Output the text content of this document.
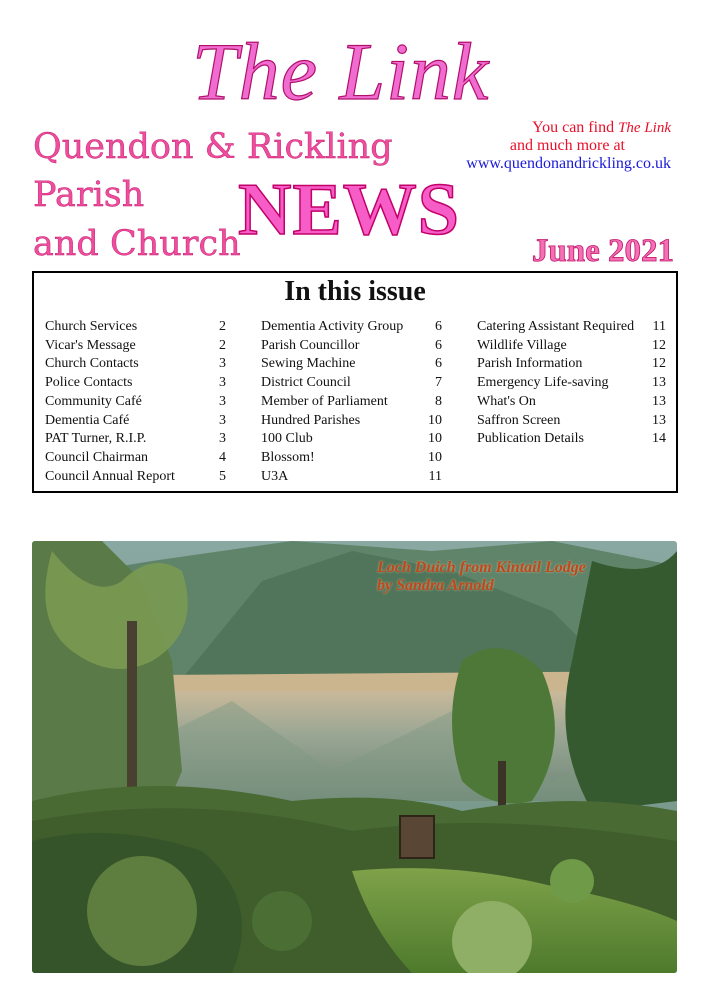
The Link
Quendon & Rickling
Parish
and Church
NEWS
You can find The Link
and much more at
www.quendonandrickling.co.uk
June 2021
In this issue
Church Services	2
Vicar's Message	2
Church Contacts	3
Police Contacts	3
Community Café	3
Dementia Café	3
PAT Turner, R.I.P.	3
Council Chairman	4
Council Annual Report	5
Dementia Activity Group 6
Parish Councillor	6
Sewing Machine	6
District Council	7
Member of Parliament	8
Hundred Parishes	10
100 Club	10
Blossom!	10
U3A	11
Catering Assistant Required 11
Wildlife Village	12
Parish Information	12
Emergency Life-saving	13
What's On	13
Saffron Screen	13
Publication Details	14
Loch Duich from Kintail Lodge
by Sandra Arnold
